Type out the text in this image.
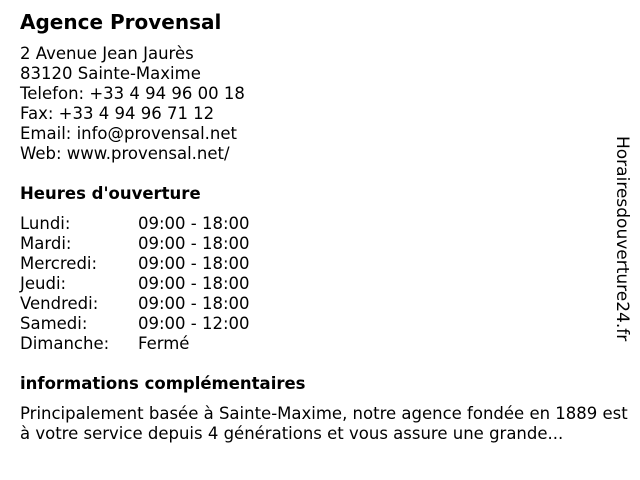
Agence Provensal
2 Avenue Jean Jaurès
83120 Sainte-Maxime
Telefon: +33 4 94 96 00 18
Fax: +33 4 94 96 71 12
Email: info@provensal.net
Web: www.provensal.net/
Heures d'ouverture
Lundi:	09:00 - 18:00
Mardi:	09:00 - 18:00
Mercredi: 09:00 - 18:00
Jeudi:	09:00 - 18:00
Vendredi: 09:00 - 18:00
Samedi:	09:00 - 12:00
Dimanche: Fermé
informations complémentaires
Principalement basée à Sainte-Maxime, notre agence fondée en 1889 est à votre service depuis 4 générations et vous assure une grande...
Horairesdouverture24.fr
